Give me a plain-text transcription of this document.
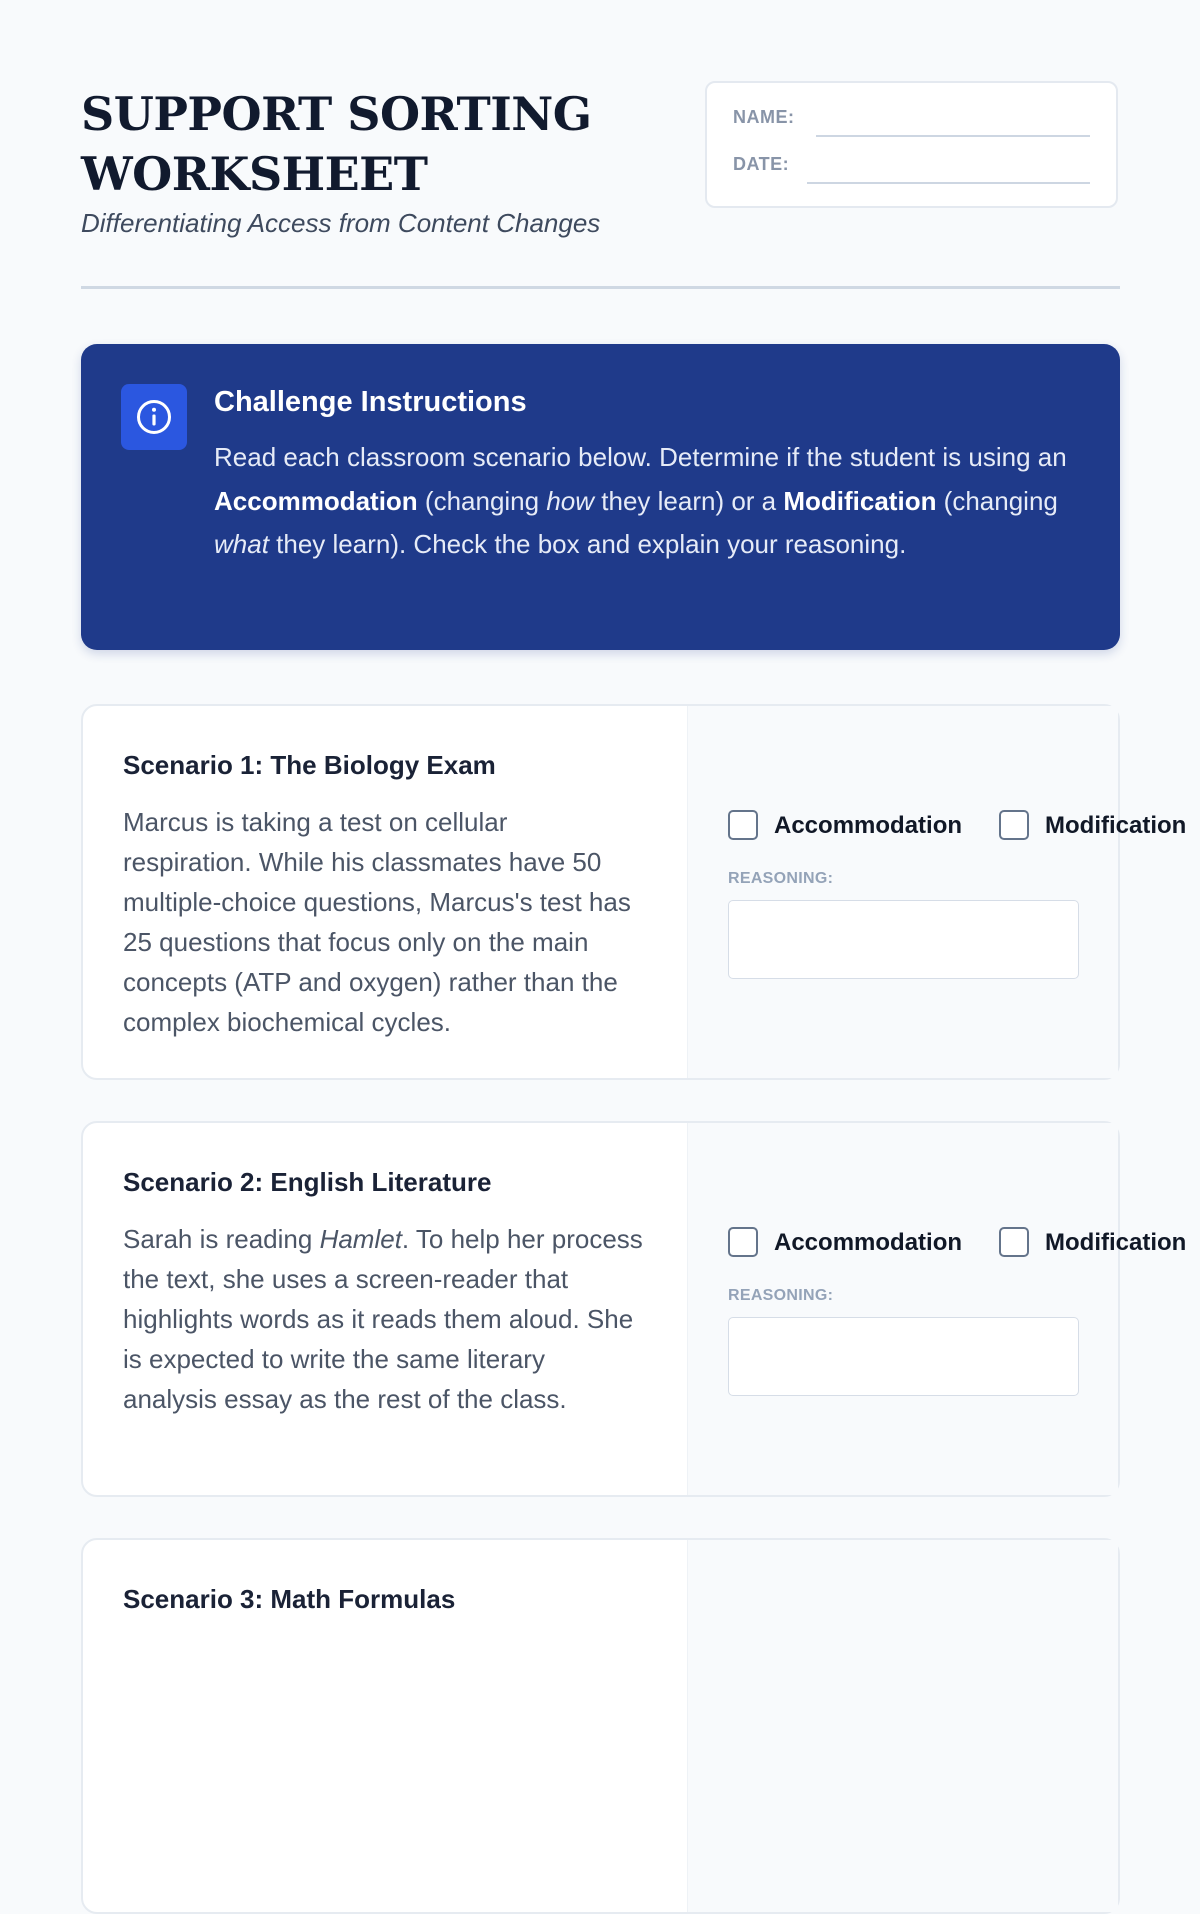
SUPPORT SORTING
WORKSHEET

Differentiating Access from Content Changes

NAME:
DATE:
Challenge Instructions

Read each classroom scenario below. Determine if the student is using an Accommodation (changing how they learn) or a Modification (changing what they learn). Check the box and explain your reasoning.

Scenario 1: The Biology Exam

Marcus is taking a test on cellular respiration. While his classmates have 50 multiple-choice questions, Marcus's test has 25 questions that focus only on the main concepts (ATP and oxygen) rather than the complex biochemical cycles.

Accommodation	Modification

REASONING:

Scenario 2: English Literature

Sarah is reading Hamlet. To help her process the text, she uses a screen-reader that highlights words as it reads them aloud. She is expected to write the same literary analysis essay as the rest of the class.

Accommodation	Modification

REASONING:

Scenario 3: Math Formulas
